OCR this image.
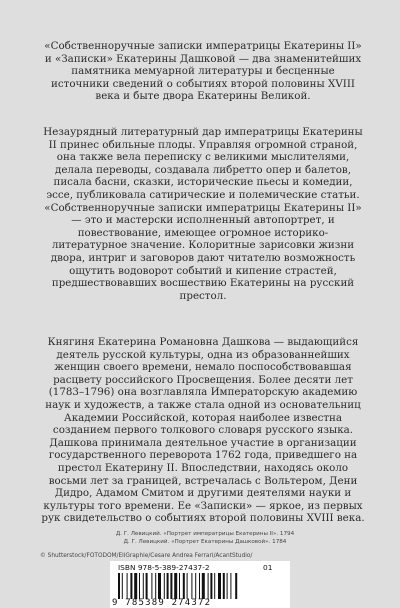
«Собственноручные записки императрицы Екатерины II» и «Записки» Екатерины Дашковой — два знаменитейших памятника мемуарной литературы и бесценные источники сведений о событиях второй половины XVIII века и быте двора Екатерины Великой.

Незаурядный литературный дар императрицы Екатерины II принес обильные плоды. Управляя огромной страной, она также вела переписку с великими мыслителями, делала переводы, создавала либретто опер и балетов, писала басни, сказки, исторические пьесы и комедии, эссе, публиковала сатирические и полемические статьи. «Собственноручные записки императрицы Екатерины II» — это и мастерски исполненный автопортрет, и повествование, имеющее огромное историко-литературное значение. Колоритные зарисовки жизни двора, интриг и заговоров дают читателю возможность ощутить водоворот событий и кипение страстей, предшествовавших восшествию Екатерины на русский престол.

Княгиня Екатерина Романовна Дашкова — выдающийся деятель русской культуры, одна из образованнейших женщин своего времени, немало поспособствовавшая расцвету российского Просвещения. Более десяти лет (1783–1796) она возглавляла Императорскую академию наук и художеств, а также стала одной из основательниц Академии Российской, которая наиболее известна созданием первого толкового словаря русского языка. Дашкова принимала деятельное участие в организации государственного переворота 1762 года, приведшего на престол Екатерину II. Впоследствии, находясь около восьми лет за границей, встречалась с Вольтером, Дени Дидро, Адамом Смитом и другими деятелями науки и культуры того времени. Ее «Записки» — яркое, из первых рук свидетельство о событиях второй половины XVIII века.

Д. Г. Левицкий. «Портрет императрицы Екатерины II». 1794
Д. Г. Левицкий. «Портрет Екатерины Дашковой». 1784
© Shutterstock/FOTODOM/EliGraphie/Cesare Andrea Ferrari/AcantStudio/
ISBN 978-5-389-27437-2	01
9 785389 274372
